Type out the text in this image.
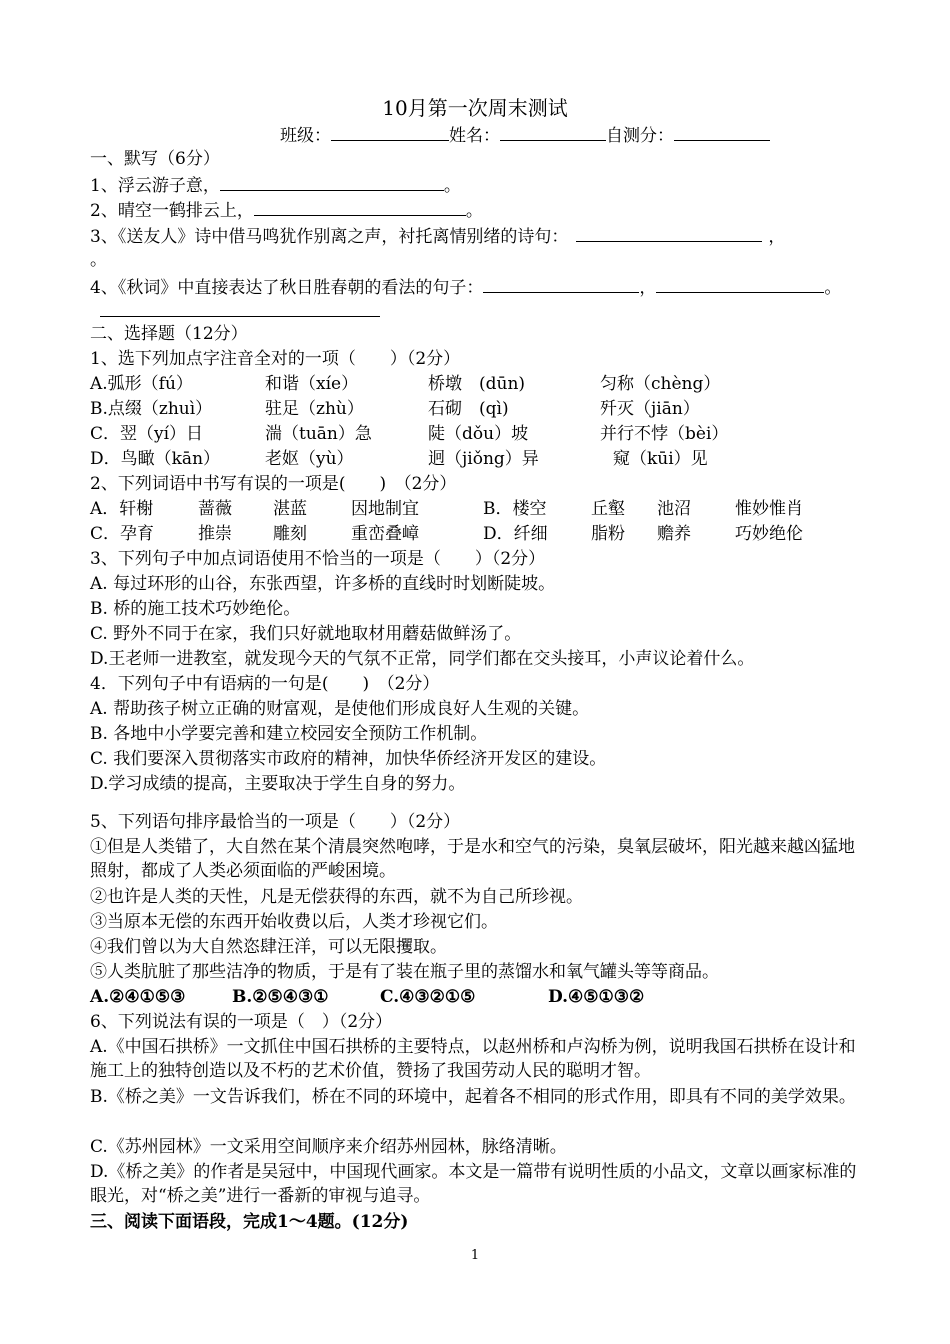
10月第一次周末测试
班级：	姓名：	自测分：
一、默写（6分）
1、浮云游子意，	。
2、晴空一鹤排云上，	。
3、《送友人》诗中借马鸣犹作别离之声，衬托离情别绪的诗句：	，
。
4、《秋词》中直接表达了秋日胜春朝的看法的句子：	，	。
二、选择题（12分）
1、选下列加点字注音全对的一项（　　）（2分）
A.弧形（fú）	和谐（xíe）	桥墩　(dūn)	匀称（chèng）
B.点缀（zhuì）	驻足（zhù）	石砌　(qì)	歼灭（jiān）
C．翌（yí）日	湍（tuān）急	陡（dǒu）坡	并行不悖（bèi）
D．鸟瞰（kān）	老妪（yù）	迥（jiǒng）异	窥（kūi）见
2、下列词语中书写有误的一项是(　　)　（2分）
A．轩榭	蔷薇 湛蓝	因地制宜	B．楼空	丘壑 池沼	惟妙惟肖
C．孕育	推崇 雕刻	重峦叠嶂	D．纤细	脂粉 赡养	巧妙绝伦
3、下列句子中加点词语使用不恰当的一项是（　　）（2分）
A. 每过环形的山谷，东张西望，许多桥的直线时时划断陡坡。
B. 桥的施工技术巧妙绝伦。
C. 野外不同于在家，我们只好就地取材用蘑菇做鲜汤了。
D.王老师一进教室，就发现今天的气氛不正常，同学们都在交头接耳，小声议论着什么。
4．下列句子中有语病的一句是(　　)　（2分）
A. 帮助孩子树立正确的财富观，是使他们形成良好人生观的关键。
B. 各地中小学要完善和建立校园安全预防工作机制。
C. 我们要深入贯彻落实市政府的精神，加快华侨经济开发区的建设。
D.学习成绩的提高，主要取决于学生自身的努力。
5、下列语句排序最恰当的一项是（　　）（2分）
①但是人类错了，大自然在某个清晨突然咆哮，于是水和空气的污染，臭氧层破坏，阳光越来越凶猛地照射，都成了人类必须面临的严峻困境。
②也许是人类的天性，凡是无偿获得的东西，就不为自己所珍视。
③当原本无偿的东西开始收费以后，人类才珍视它们。
④我们曾以为大自然恣肆汪洋，可以无限攫取。
⑤人类肮脏了那些洁净的物质，于是有了装在瓶子里的蒸馏水和氧气罐头等等商品。
A.②④①⑤③	B.②⑤④③①	C.④③②①⑤	D.④⑤①③②
6、下列说法有误的一项是（　）（2分）
A.《中国石拱桥》一文抓住中国石拱桥的主要特点，以赵州桥和卢沟桥为例，说明我国石拱桥在设计和施工上的独特创造以及不朽的艺术价值，赞扬了我国劳动人民的聪明才智。
B.《桥之美》一文告诉我们，桥在不同的环境中，起着各不相同的形式作用，即具有不同的美学效果。
C.《苏州园林》一文采用空间顺序来介绍苏州园林，脉络清晰。
D.《桥之美》的作者是吴冠中，中国现代画家。本文是一篇带有说明性质的小品文，文章以画家标准的眼光，对“桥之美”进行一番新的审视与追寻。
三、阅读下面语段，完成1～4题。(12分)
1
